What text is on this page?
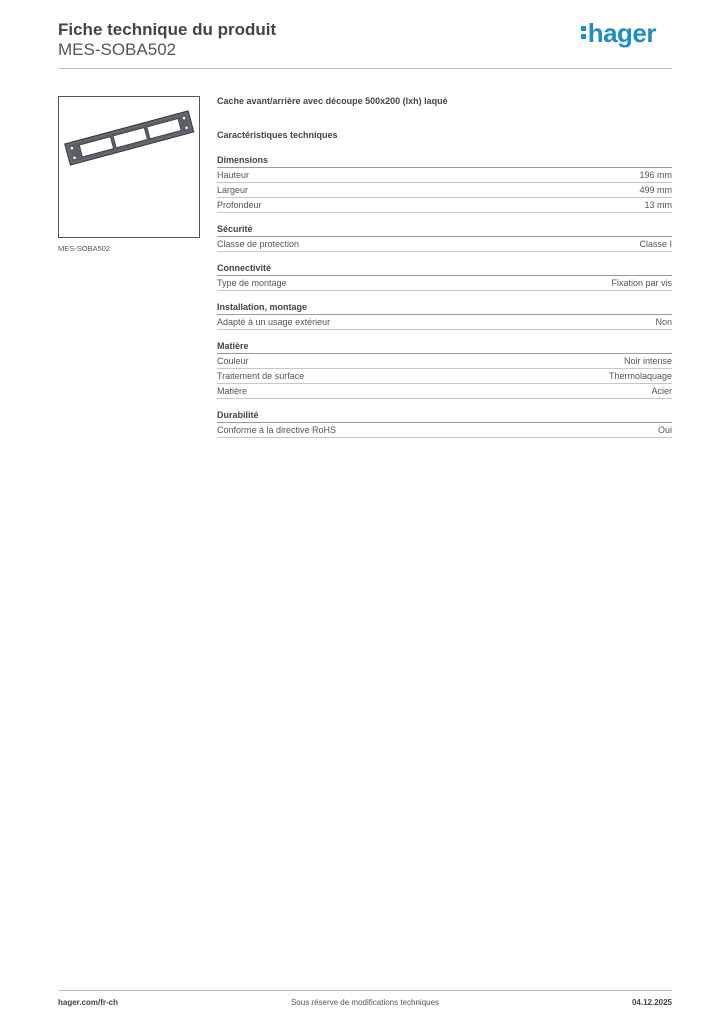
Fiche technique du produit
MES-SOBA502
hager
MES-SOBA502
Cache avant/arrière avec découpe 500x200 (lxh) laqué
Caractéristiques techniques
Dimensions
Hauteur	196 mm
Largeur	499 mm
Profondeur	13 mm
Sécurité
Classe de protection	Classe I
Connectivité
Type de montage	Fixation par vis
Installation, montage
Adapté à un usage extérieur	Non
Matière
Couleur	Noir intense
Traitement de surface	Thermolaquage
Matière	Acier
Durabilité
Conforme à la directive RoHS	Oui
hager.com/fr-ch	Sous réserve de modifications techniques	04.12.2025
